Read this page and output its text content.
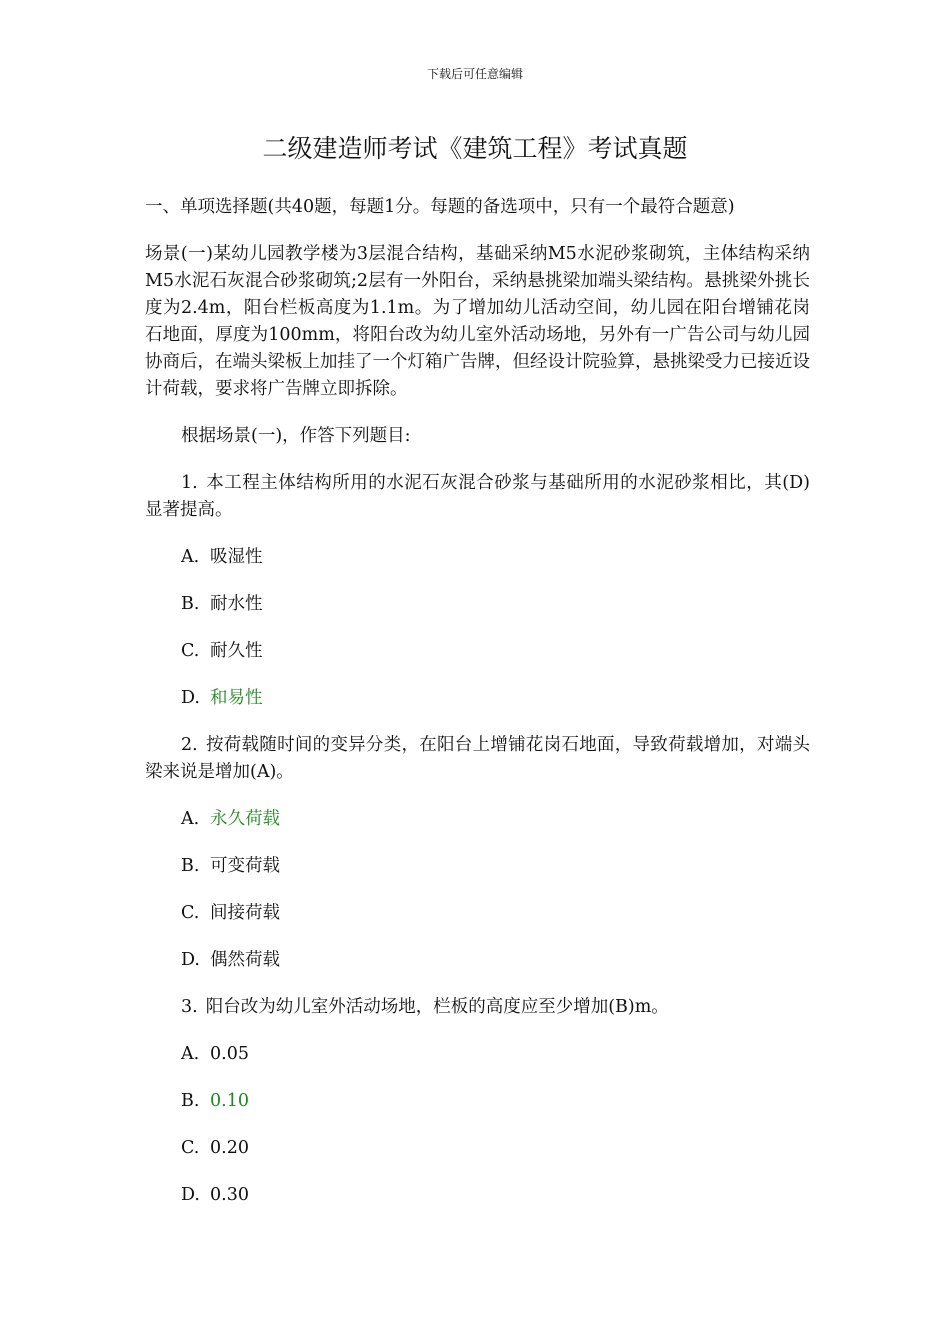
下载后可任意编辑
二级建造师考试《建筑工程》考试真题

一、单项选择题(共40题，每题1分。每题的备选项中，只有一个最符合题意)

场景(一)某幼儿园教学楼为3层混合结构，基础采纳M5水泥砂浆砌筑，主体结构采纳M5水泥石灰混合砂浆砌筑;2层有一外阳台，采纳悬挑梁加端头梁结构。悬挑梁外挑长度为2.4m，阳台栏板高度为1.1m。为了增加幼儿活动空间，幼儿园在阳台增铺花岗石地面，厚度为100mm，将阳台改为幼儿室外活动场地，另外有一广告公司与幼儿园协商后，在端头梁板上加挂了一个灯箱广告牌，但经设计院验算，悬挑梁受力已接近设计荷载，要求将广告牌立即拆除。

根据场景(一)，作答下列题目:

1. 本工程主体结构所用的水泥石灰混合砂浆与基础所用的水泥砂浆相比，其(D)显著提高。

A. 吸湿性

B. 耐水性

C. 耐久性

D. 和易性

2. 按荷载随时间的变异分类，在阳台上增铺花岗石地面，导致荷载增加，对端头梁来说是增加(A)。

A. 永久荷载

B. 可变荷载

C. 间接荷载

D. 偶然荷载

3. 阳台改为幼儿室外活动场地，栏板的高度应至少增加(B)m。

A. 0.05

B. 0.10

C. 0.20

D. 0.30
